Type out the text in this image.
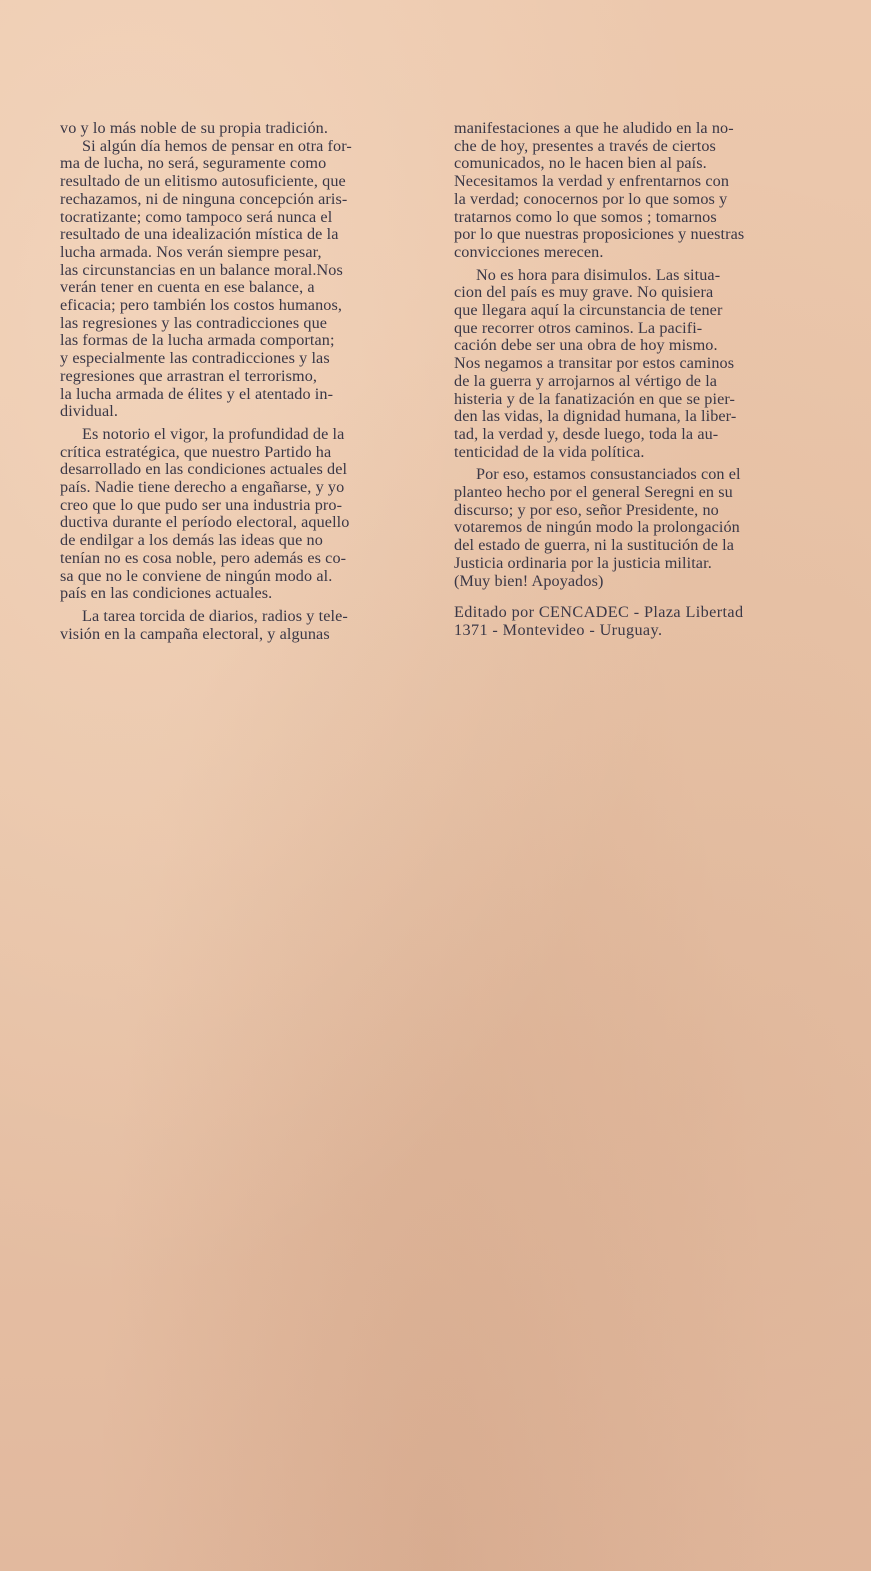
vo y lo más noble de su propia tradición.
Si algún día hemos de pensar en otra for-
ma de lucha, no será, seguramente como
resultado de un elitismo autosuficiente, que
rechazamos, ni de ninguna concepción aris-
tocratizante; como tampoco será nunca el
resultado de una idealización mística de la
lucha armada. Nos verán siempre pesar,
las circunstancias en un balance moral.Nos
verán tener en cuenta en ese balance, a
eficacia; pero también los costos humanos,
las regresiones y las contradicciones que
las formas de la lucha armada comportan;
y especialmente las contradicciones y las
regresiones que arrastran el terrorismo,
la lucha armada de élites y el atentado in-
dividual.
Es notorio el vigor, la profundidad de la
crítica estratégica, que nuestro Partido ha
desarrollado en las condiciones actuales del
país. Nadie tiene derecho a engañarse, y yo
creo que lo que pudo ser una industria pro-
ductiva durante el período electoral, aquello
de endilgar a los demás las ideas que no
tenían no es cosa noble, pero además es co-
sa que no le conviene de ningún modo al.
país en las condiciones actuales.
La tarea torcida de diarios, radios y tele-
visión en la campaña electoral, y algunas
manifestaciones a que he aludido en la no-
che de hoy, presentes a través de ciertos
comunicados, no le hacen bien al país.
Necesitamos la verdad y enfrentarnos con
la verdad; conocernos por lo que somos y
tratarnos como lo que somos ; tomarnos
por lo que nuestras proposiciones y nuestras
convicciones merecen.
No es hora para disimulos. Las situa-
cion del país es muy grave. No quisiera
que llegara aquí la circunstancia de tener
que recorrer otros caminos. La pacifi-
cación debe ser una obra de hoy mismo.
Nos negamos a transitar por estos caminos
de la guerra y arrojarnos al vértigo de la
histeria y de la fanatización en que se pier-
den las vidas, la dignidad humana, la liber-
tad, la verdad y, desde luego, toda la au-
tenticidad de la vida política.
Por eso, estamos consustanciados con el
planteo hecho por el general Seregni en su
discurso; y por eso, señor Presidente, no
votaremos de ningún modo la prolongación
del estado de guerra, ni la sustitución de la
Justicia ordinaria por la justicia militar.
(Muy bien! Apoyados)
Editado por CENCADEC - Plaza Libertad
1371 - Montevideo - Uruguay.
